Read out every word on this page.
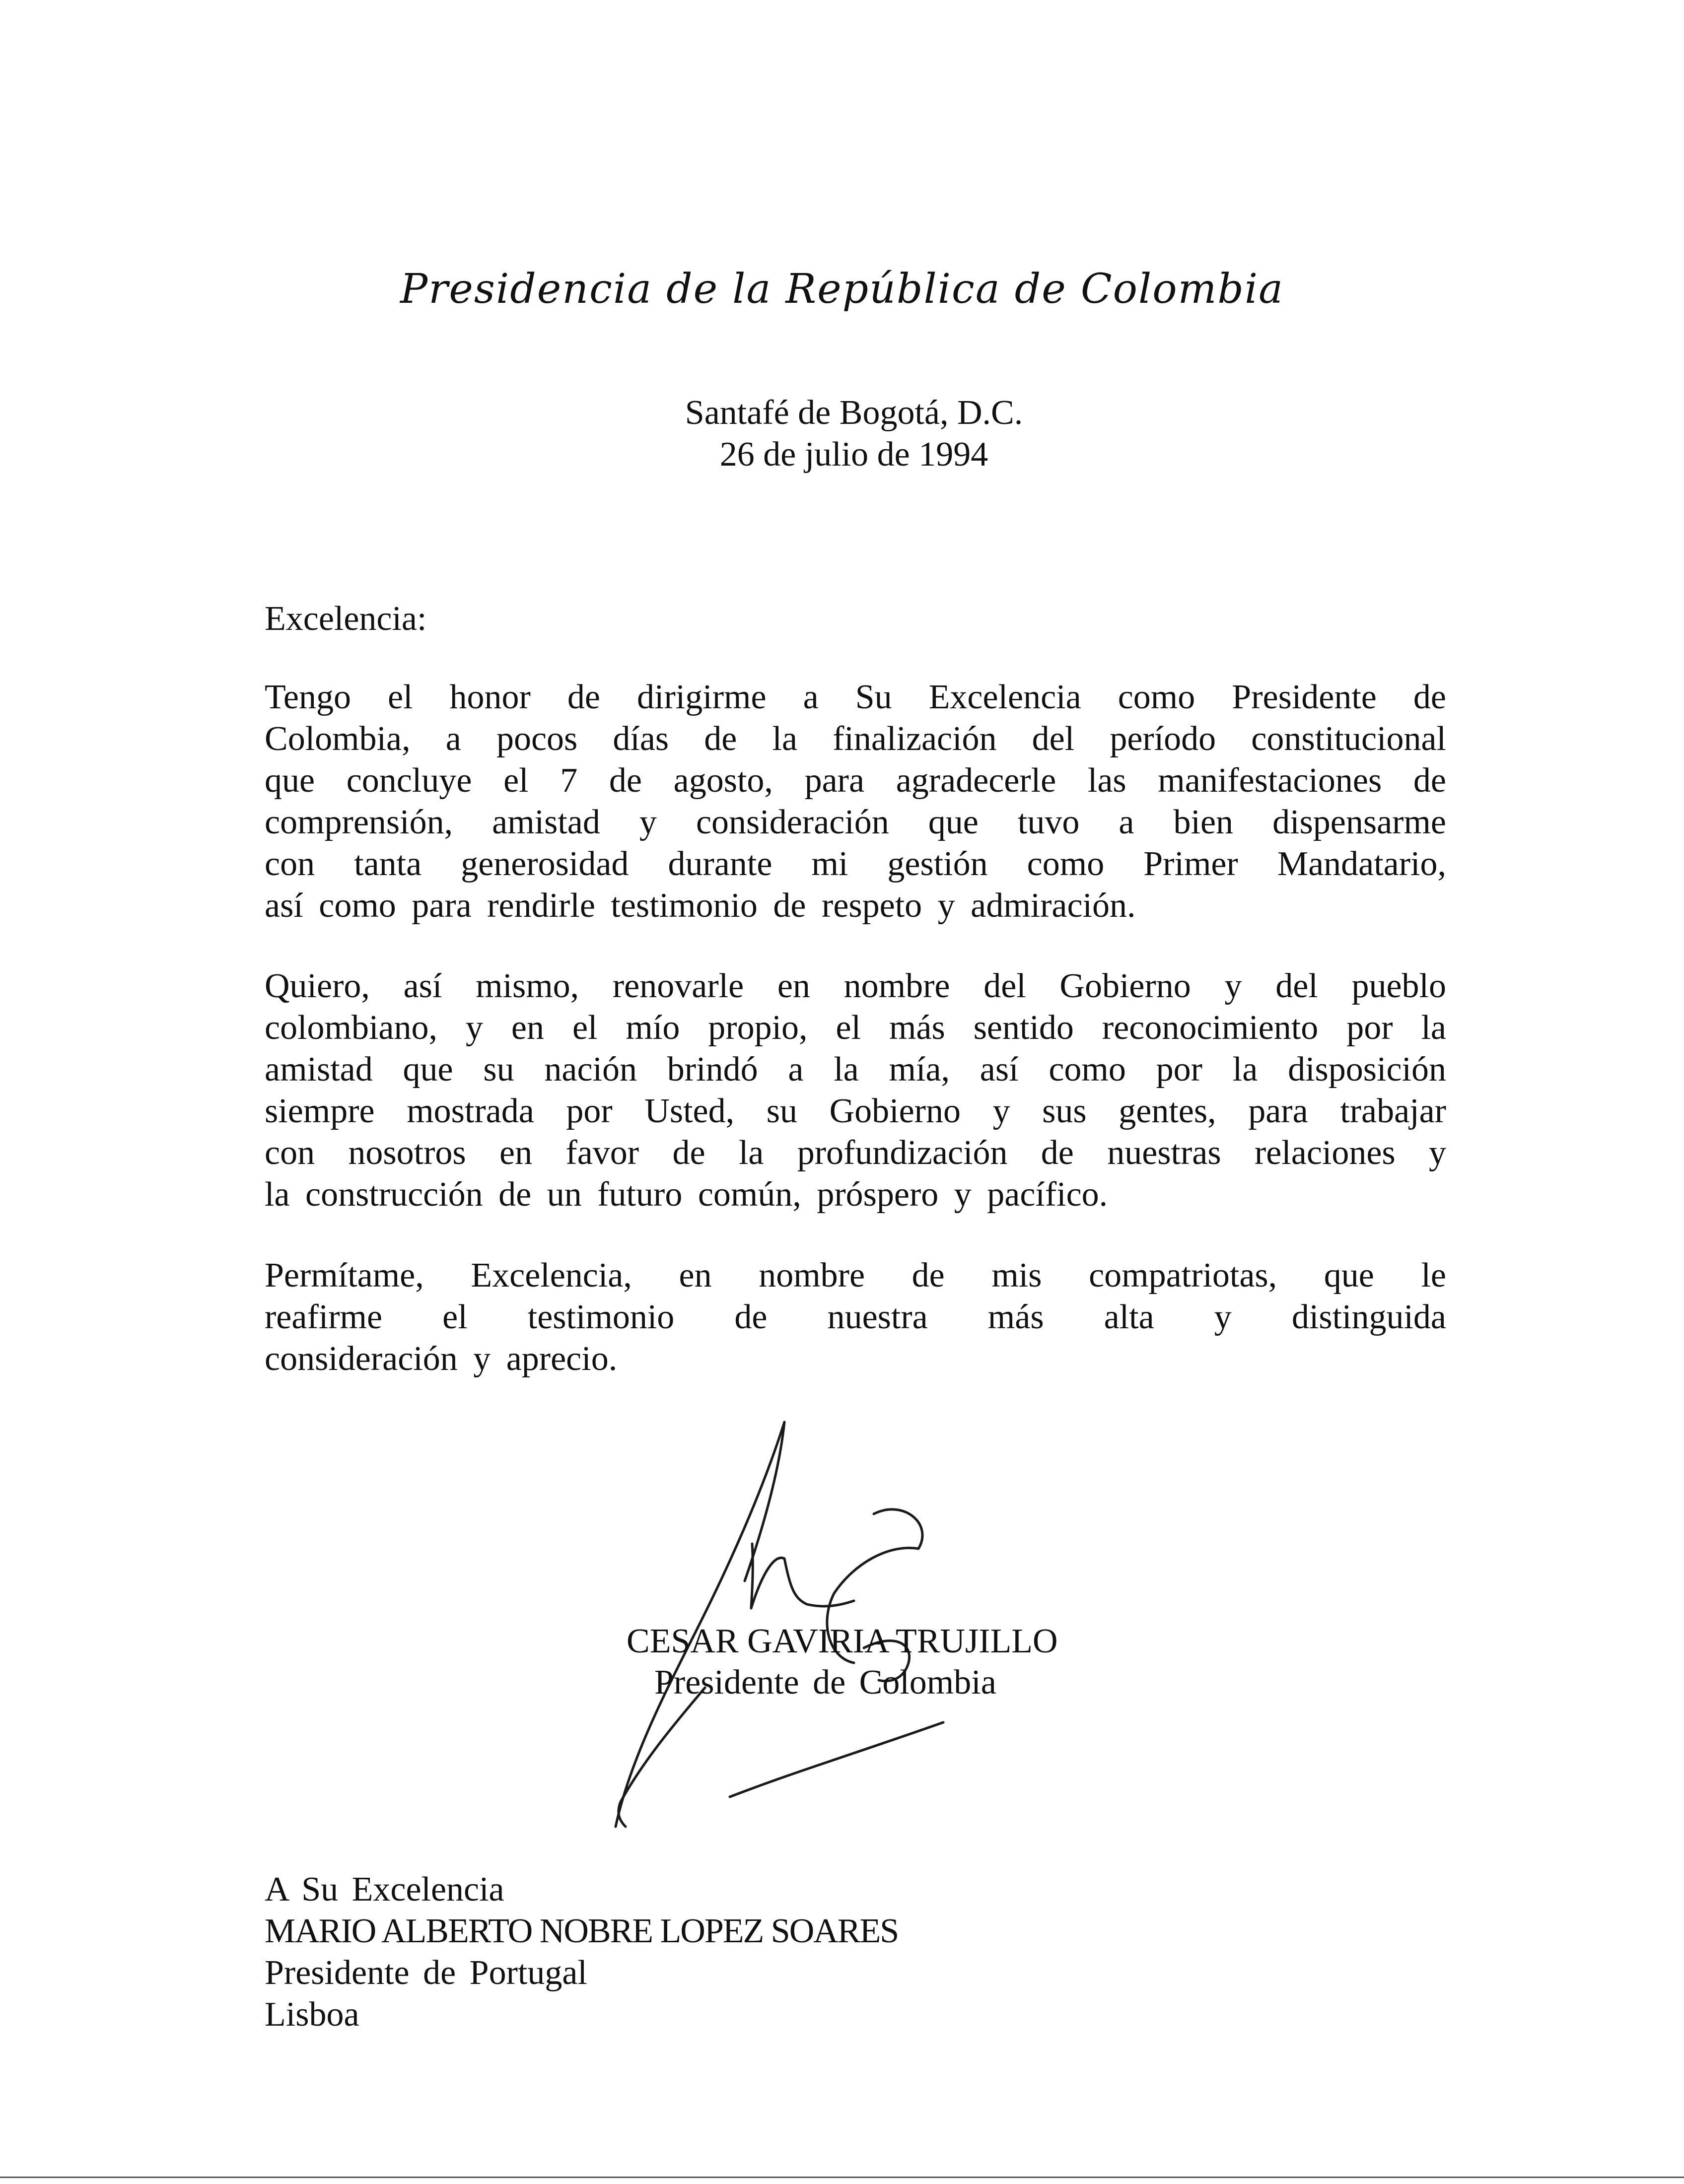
Presidencia de la República de Colombia
Santafé de Bogotá, D.C.
26 de julio de 1994
Excelencia:
Tengo el honor de dirigirme a Su Excelencia como Presidente de
Colombia, a pocos días de la finalización del período constitucional
que concluye el 7 de agosto, para agradecerle las manifestaciones de
comprensión, amistad y consideración que tuvo a bien dispensarme
con tanta generosidad durante mi gestión como Primer Mandatario,
así como para rendirle testimonio de respeto y admiración.
Quiero, así mismo, renovarle en nombre del Gobierno y del pueblo
colombiano, y en el mío propio, el más sentido reconocimiento por la
amistad que su nación brindó a la mía, así como por la disposición
siempre mostrada por Usted, su Gobierno y sus gentes, para trabajar
con nosotros en favor de la profundización de nuestras relaciones y
la construcción de un futuro común, próspero y pacífico.
Permítame, Excelencia, en nombre de mis compatriotas, que le
reafirme el testimonio de nuestra más alta y distinguida
consideración y aprecio.
CESAR GAVIRIA TRUJILLO
Presidente de Colombia
A Su Excelencia
MARIO ALBERTO NOBRE LOPEZ SOARES
Presidente de Portugal
Lisboa
